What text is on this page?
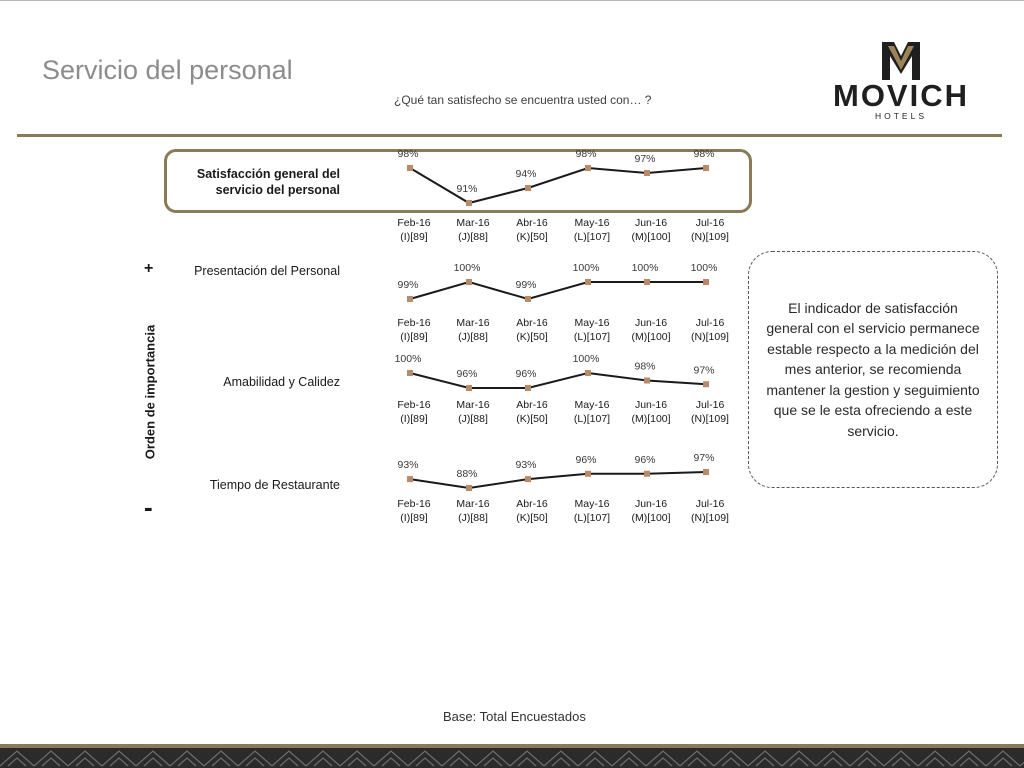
Servicio del personal
¿Qué tan satisfecho se encuentra usted con… ?	MOVICH
HOTELS
Satisfacción general del servicio del personal
Presentación del Personal
Amabilidad y Calidez
Tiempo de Restaurante
+
Orden de importancia
-
98%
Feb-16 (I)[89]
91%
Mar-16 (J)[88]
94%
Abr-16 (K)[50]
98%
May-16 (L)[107]
97%
Jun-16 (M)[100]
98%
Jul-16 (N)[109]
99%
Feb-16 (I)[89]
100%
Mar-16 (J)[88]
99%
Abr-16 (K)[50]
100%
May-16 (L)[107]
100%
Jun-16 (M)[100]
100%
Jul-16 (N)[109]
100%
Feb-16 (I)[89]
96%
Mar-16 (J)[88]
96%
Abr-16 (K)[50]
100%
May-16 (L)[107]
98%
Jun-16 (M)[100]
97%
Jul-16 (N)[109]
93%
Feb-16 (I)[89]
88%
Mar-16 (J)[88]
93%
Abr-16 (K)[50]
96%
May-16 (L)[107]
96%
Jun-16 (M)[100]
97%
Jul-16 (N)[109]
El indicador de satisfacción general con el servicio permanece estable respecto a la medición del mes anterior, se recomienda mantener la gestion y seguimiento que se le esta ofreciendo a este servicio.
Base: Total Encuestados
